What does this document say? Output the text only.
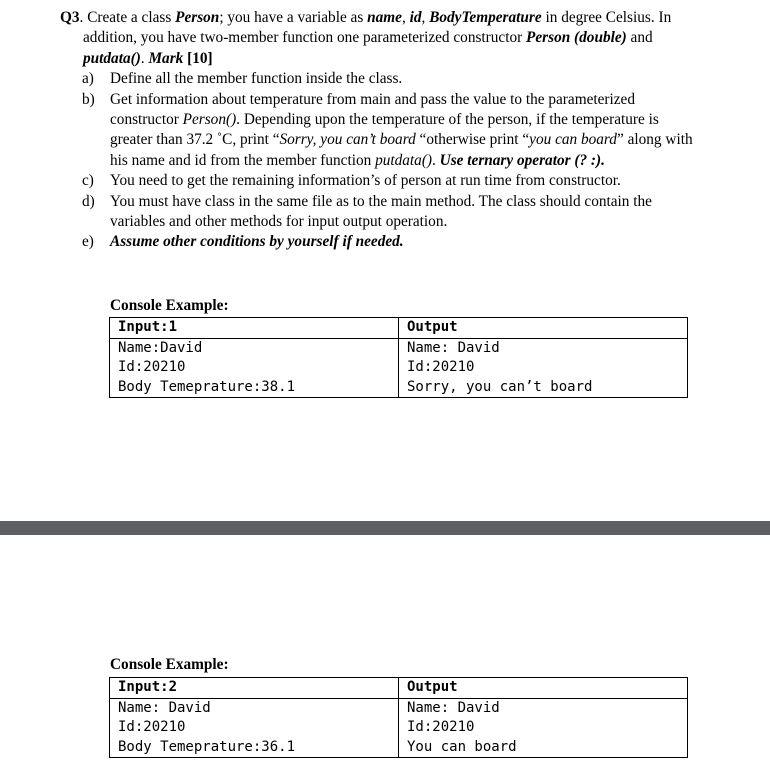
Q3. Create a class Person; you have a variable as name, id, BodyTemperature in degree Celsius. In addition, you have two-member function one parameterized constructor Person (double) and putdata(). Mark [10]

a) Define all the member function inside the class.
b) Get information about temperature from main and pass the value to the parameterized constructor Person(). Depending upon the temperature of the person, if the temperature is greater than 37.2 ˚C, print “Sorry, you can’t board “otherwise print “you can board” along with his name and id from the member function putdata(). Use ternary operator (? :).
c) You need to get the remaining information’s of person at run time from constructor.
d) You must have class in the same file as to the main method. The class should contain the variables and other methods for input output operation.
e) Assume other conditions by yourself if needed.
Console Example:
Input:1	Output
Name:David	Name: David
Id:20210	Id:20210
Body Temeprature:38.1	Sorry, you can’t board
Console Example:
Input:2	Output
Name: David	Name: David
Id:20210	Id:20210
Body Temeprature:36.1	You can board
